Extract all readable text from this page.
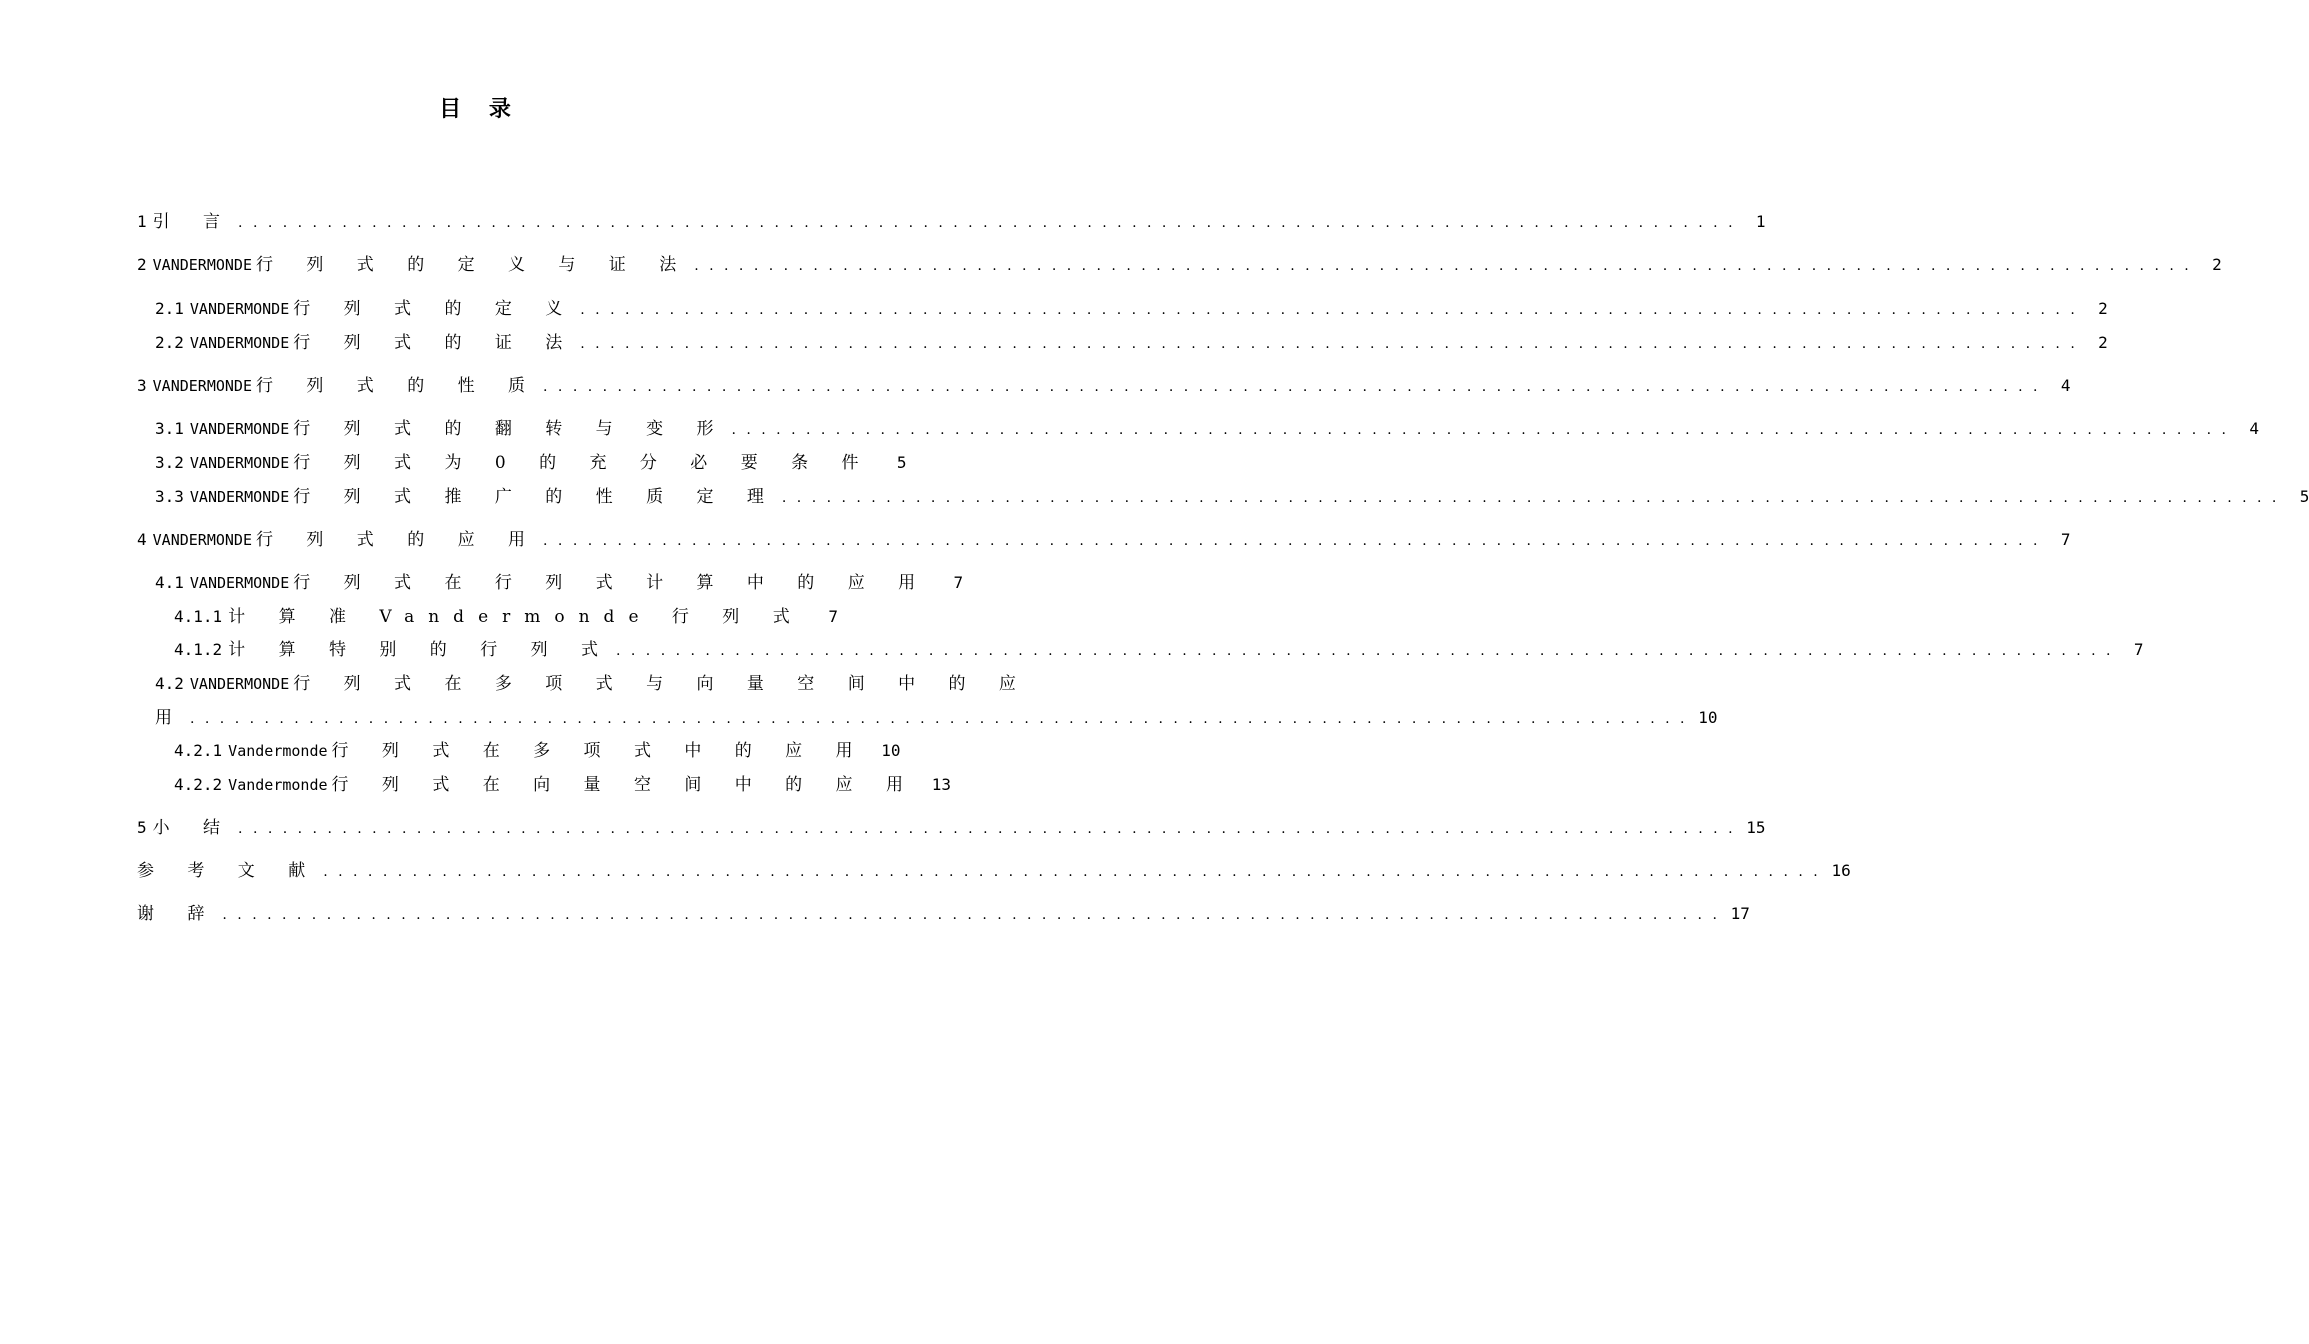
目 录
1 引 言 . . .	1
2 VANDERMONDE 行 列 式 的 定 义 与 证 法 . . .	2
2.1 VANDERMONDE 行 列 式 的 定 义 . . .	2
2.2 VANDERMONDE 行 列 式 的 证 法 . . .	2
3 VANDERMONDE 行 列 式 的 性 质 . . .	4
3.1 VANDERMONDE 行 列 式 的 翻 转 与 变 形 . . .	4
3.2 VANDERMONDE 行 列 式 为 0 的 充 分 必 要 条 件	5
3.3 VANDERMONDE 行 列 式 推 广 的 性 质 定 理 . . .	5
4 VANDERMONDE 行 列 式 的 应 用 . . .	7
4.1 VANDERMONDE 行 列 式 在 行 列 式 计 算 中 的 应 用	7
4.1.1 计 算 准 Vandermonde 行 列 式 . . .	7
4.1.2 计 算 特 别 的 行 列 式 . . .	7
4.2 VANDERMONDE 行 列 式 在 多 项 式 与 向 量 空 间 中 的 应
用 . . .	10
4.2.1 Vandermonde 行 列 式 在 多 项 式 中 的 应 用 10
4.2.2 Vandermonde 行 列 式 在 向 量 空 间 中 的 应 用 13
5 小 结 . . .	15
参 考 文 献 . . .	16
谢 辞 . . .	17
